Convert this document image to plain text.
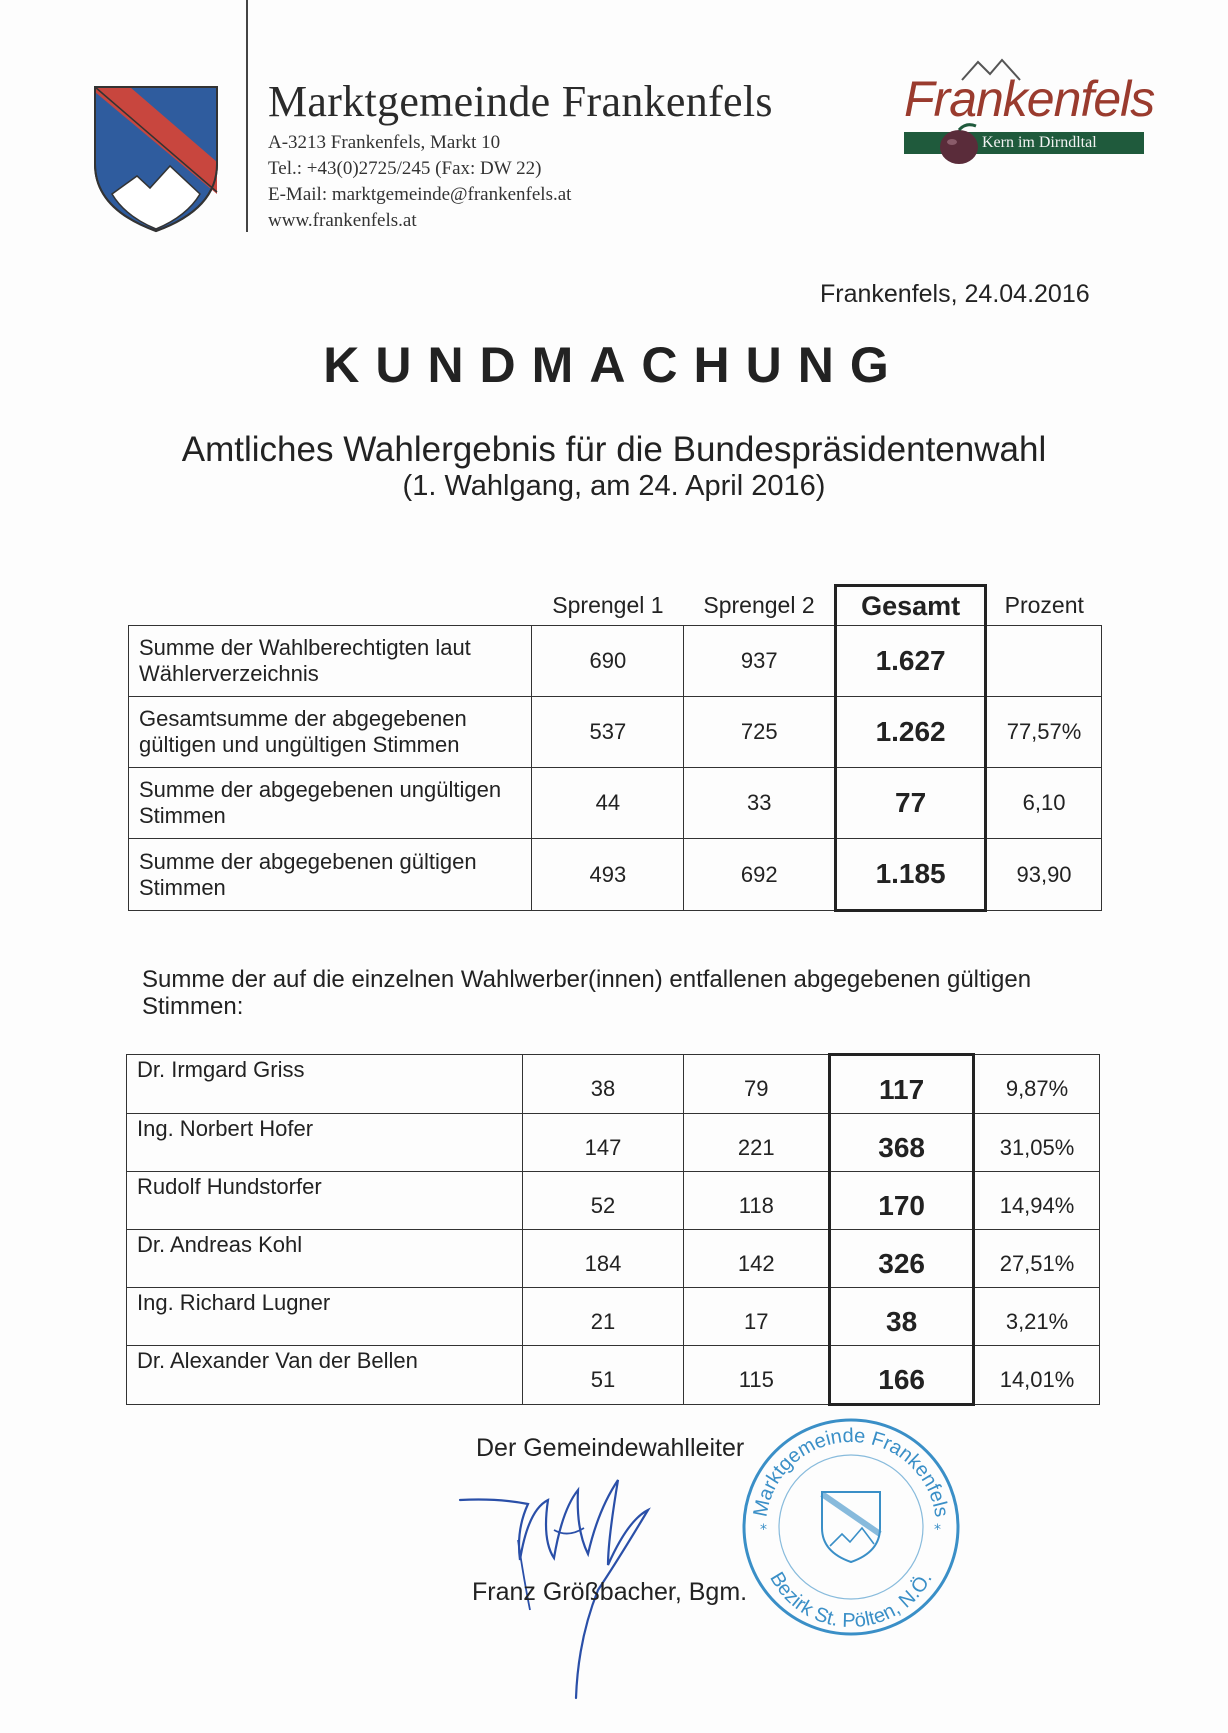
Marktgemeinde Frankenfels
A-3213 Frankenfels, Markt 10
Tel.: +43(0)2725/245 (Fax: DW 22)
E-Mail: marktgemeinde@frankenfels.at
www.frankenfels.at
Frankenfels
Kern im Dirndltal
Frankenfels, 24.04.2016
KUNDMACHUNG
Amtliches Wahlergebnis für die Bundespräsidentenwahl
(1. Wahlgang, am 24. April 2016)
	Sprengel 1	Sprengel 2	Gesamt	Prozent
Summe der Wahlberechtigten laut Wählerverzeichnis	690	937	1.627	
Gesamtsumme der abgegebenen gültigen und ungültigen Stimmen	537	725	1.262	77,57%
Summe der abgegebenen ungültigen Stimmen	44	33	77	6,10
Summe der abgegebenen gültigen Stimmen	493	692	1.185	93,90
Summe der auf die einzelnen Wahlwerber(innen) entfallenen abgegebenen gültigen Stimmen:
Dr. Irmgard Griss	38	79	117	9,87%
Ing. Norbert Hofer	147	221	368	31,05%
Rudolf Hundstorfer	52	118	170	14,94%
Dr. Andreas Kohl	184	142	326	27,51%
Ing. Richard Lugner	21	17	38	3,21%
Dr. Alexander Van der Bellen	51	115	166	14,01%
Der Gemeindewahlleiter
Franz Größbacher, Bgm.
Marktgemeinde Frankenfels
Bezirk St. Pölten, N.Ö.
*	*
